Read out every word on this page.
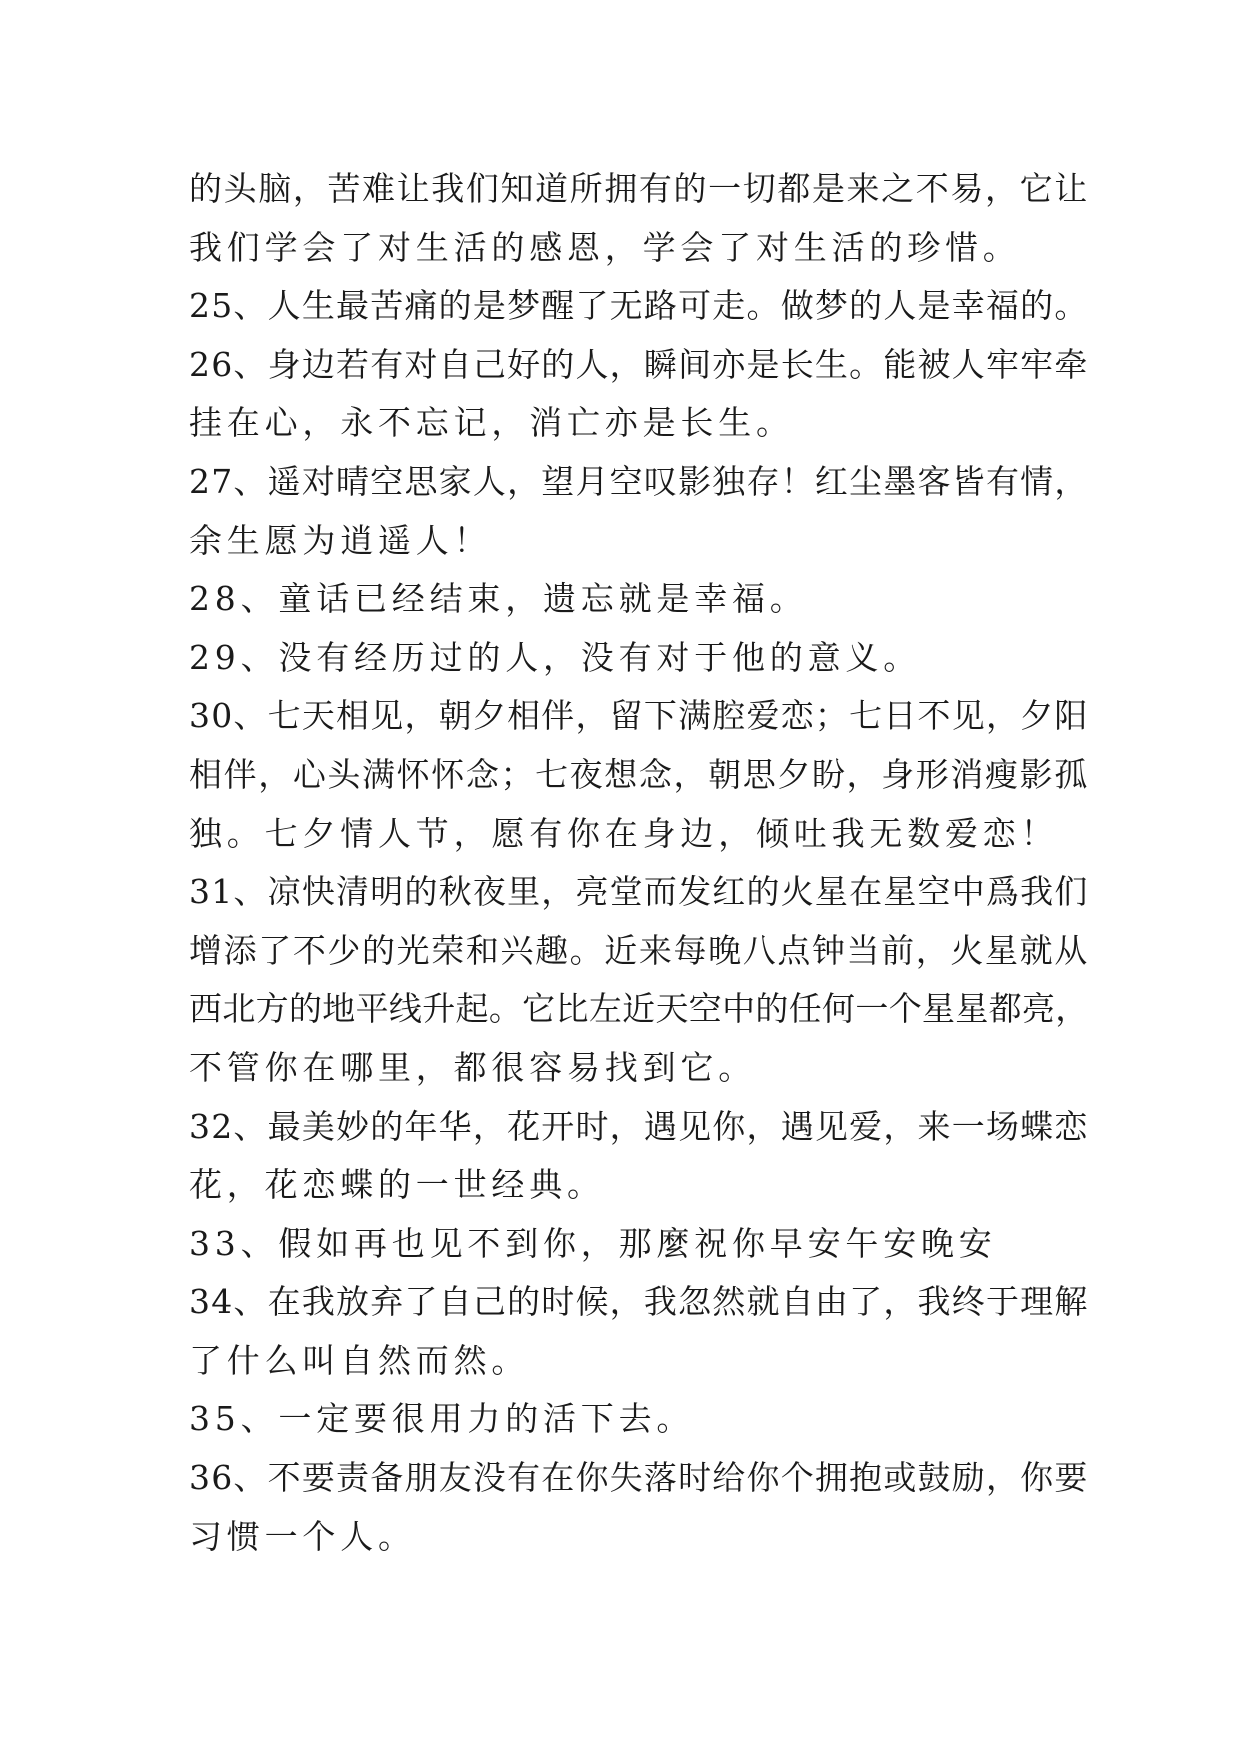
的头脑，苦难让我们知道所拥有的一切都是来之不易，它让
我们学会了对生活的感恩，学会了对生活的珍惜。
25、人生最苦痛的是梦醒了无路可走。做梦的人是幸福的。
26、身边若有对自己好的人，瞬间亦是长生。能被人牢牢牵
挂在心，永不忘记，消亡亦是长生。
27、遥对晴空思家人，望月空叹影独存！红尘墨客皆有情，
余生愿为逍遥人！
28、童话已经结束，遗忘就是幸福。
29、没有经历过的人，没有对于他的意义。
30、七天相见，朝夕相伴，留下满腔爱恋；七日不见，夕阳
相伴，心头满怀怀念；七夜想念，朝思夕盼，身形消瘦影孤
独。七夕情人节，愿有你在身边，倾吐我无数爱恋！
31、凉快清明的秋夜里，亮堂而发红的火星在星空中爲我们
增添了不少的光荣和兴趣。近来每晚八点钟当前，火星就从
西北方的地平线升起。它比左近天空中的任何一个星星都亮，
不管你在哪里，都很容易找到它。
32、最美妙的年华，花开时，遇见你，遇见爱，来一场蝶恋
花，花恋蝶的一世经典。
33、假如再也见不到你，那麼祝你早安午安晚安
34、在我放弃了自己的时候，我忽然就自由了，我终于理解
了什么叫自然而然。
35、一定要很用力的活下去。
36、不要责备朋友没有在你失落时给你个拥抱或鼓励，你要
习惯一个人。
